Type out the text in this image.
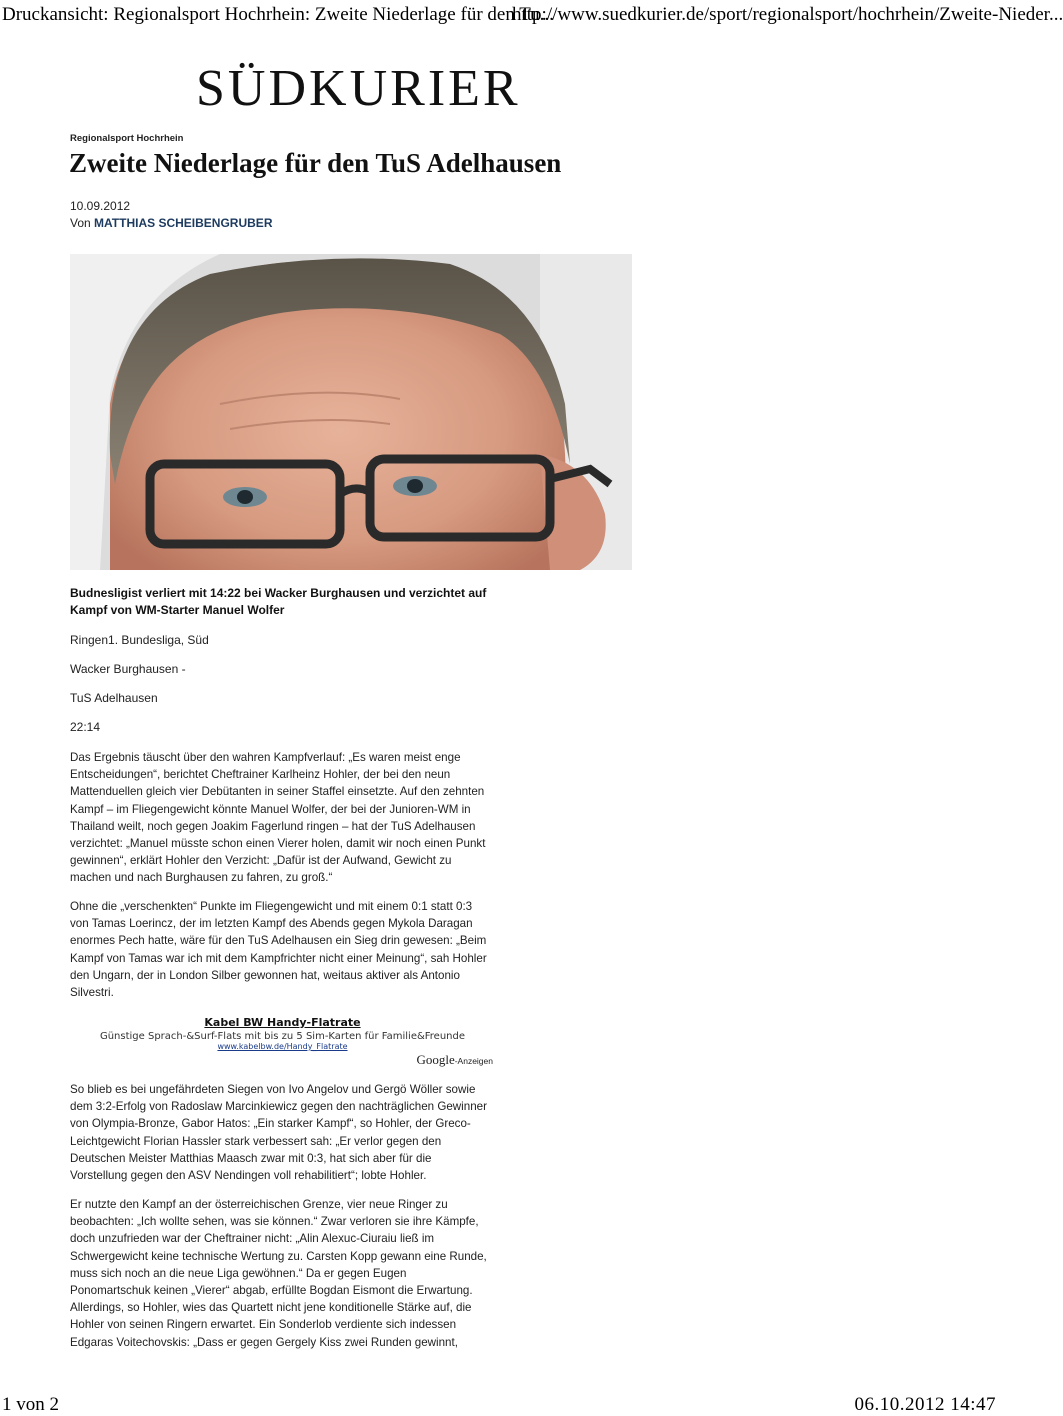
Druckansicht: Regionalsport Hochrhein: Zweite Niederlage für den Tu...
http://www.suedkurier.de/sport/regionalsport/hochrhein/Zweite-Nieder...
SÜDKURIER
Regionalsport Hochrhein
Zweite Niederlage für den TuS Adelhausen
10.09.2012
Von MATTHIAS SCHEIBENGRUBER
Budnesligist verliert mit 14:22 bei Wacker Burghausen und verzichtet auf Kampf von WM-Starter Manuel Wolfer
Ringen1. Bundesliga, Süd
Wacker Burghausen -
TuS Adelhausen
22:14

Das Ergebnis täuscht über den wahren Kampfverlauf: „Es waren meist enge Entscheidungen“, berichtet Cheftrainer Karlheinz Hohler, der bei den neun Mattenduellen gleich vier Debütanten in seiner Staffel einsetzte. Auf den zehnten Kampf – im Fliegengewicht könnte Manuel Wolfer, der bei der Junioren-WM in Thailand weilt, noch gegen Joakim Fagerlund ringen – hat der TuS Adelhausen verzichtet: „Manuel müsste schon einen Vierer holen, damit wir noch einen Punkt gewinnen“, erklärt Hohler den Verzicht: „Dafür ist der Aufwand, Gewicht zu machen und nach Burghausen zu fahren, zu groß.“

Ohne die „verschenkten“ Punkte im Fliegengewicht und mit einem 0:1 statt 0:3 von Tamas Loerincz, der im letzten Kampf des Abends gegen Mykola Daragan enormes Pech hatte, wäre für den TuS Adelhausen ein Sieg drin gewesen: „Beim Kampf von Tamas war ich mit dem Kampfrichter nicht einer Meinung“, sah Hohler den Ungarn, der in London Silber gewonnen hat, weitaus aktiver als Antonio Silvestri.

Kabel BW Handy-Flatrate
Günstige Sprach-&Surf-Flats mit bis zu 5 Sim-Karten für Familie&Freunde
www.kabelbw.de/Handy_Flatrate
Google-Anzeigen

So blieb es bei ungefährdeten Siegen von Ivo Angelov und Gergö Wöller sowie dem 3:2-Erfolg von Radoslaw Marcinkiewicz gegen den nachträglichen Gewinner von Olympia-Bronze, Gabor Hatos: „Ein starker Kampf“, so Hohler, der Greco-Leichtgewicht Florian Hassler stark verbessert sah: „Er verlor gegen den Deutschen Meister Matthias Maasch zwar mit 0:3, hat sich aber für die Vorstellung gegen den ASV Nendingen voll rehabilitiert“; lobte Hohler.

Er nutzte den Kampf an der österreichischen Grenze, vier neue Ringer zu beobachten: „Ich wollte sehen, was sie können.“ Zwar verloren sie ihre Kämpfe, doch unzufrieden war der Cheftrainer nicht: „Alin Alexuc-Ciuraiu ließ im Schwergewicht keine technische Wertung zu. Carsten Kopp gewann eine Runde, muss sich noch an die neue Liga gewöhnen.“ Da er gegen Eugen Ponomartschuk keinen „Vierer“ abgab, erfüllte Bogdan Eismont die Erwartung. Allerdings, so Hohler, wies das Quartett nicht jene konditionelle Stärke auf, die Hohler von seinen Ringern erwartet. Ein Sonderlob verdiente sich indessen Edgaras Voitechovskis: „Dass er gegen Gergely Kiss zwei Runden gewinnt,

1 von 2	06.10.2012 14:47
